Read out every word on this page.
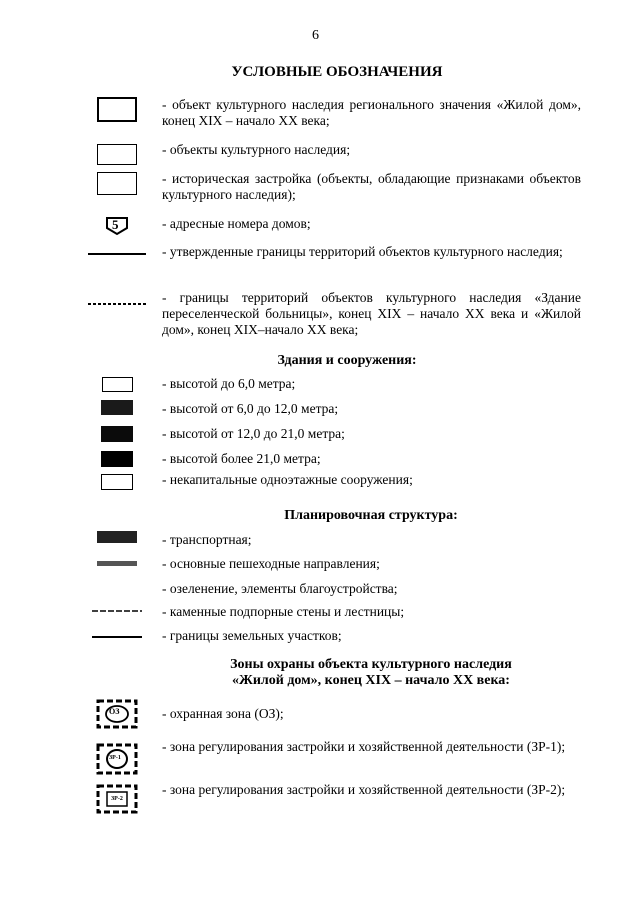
6
УСЛОВНЫЕ ОБОЗНАЧЕНИЯ
- объект культурного наследия регионального значения «Жилой дом», конец XIX – начало XX века;
- объекты культурного наследия;
- историческая застройка (объекты, обладающие признаками объектов культурного наследия);
5	- адресные номера домов;
- утвержденные границы территорий объектов культурного наследия;
- границы территорий объектов культурного наследия «Здание переселенческой больницы», конец XIX – начало XX века и «Жилой дом», конец XIX–начало XX века;
Здания и сооружения:
- высотой до 6,0 метра;
- высотой от 6,0 до 12,0 метра;
- высотой от 12,0 до 21,0 метра;
- высотой более 21,0 метра;
- некапитальные одноэтажные сооружения;
Планировочная структура:
- транспортная;
- основные пешеходные направления;
- озеленение, элементы благоустройства;
- каменные подпорные стены и лестницы;
- границы земельных участков;
Зоны охраны объекта культурного наследия
«Жилой дом», конец XIX – начало XX века:
ОЗ	- охранная зона (ОЗ);
ЗР-1
- зона регулирования застройки и хозяйственной деятельности (ЗР-1);
ЗР-2
- зона регулирования застройки и хозяйственной деятельности (ЗР-2);
